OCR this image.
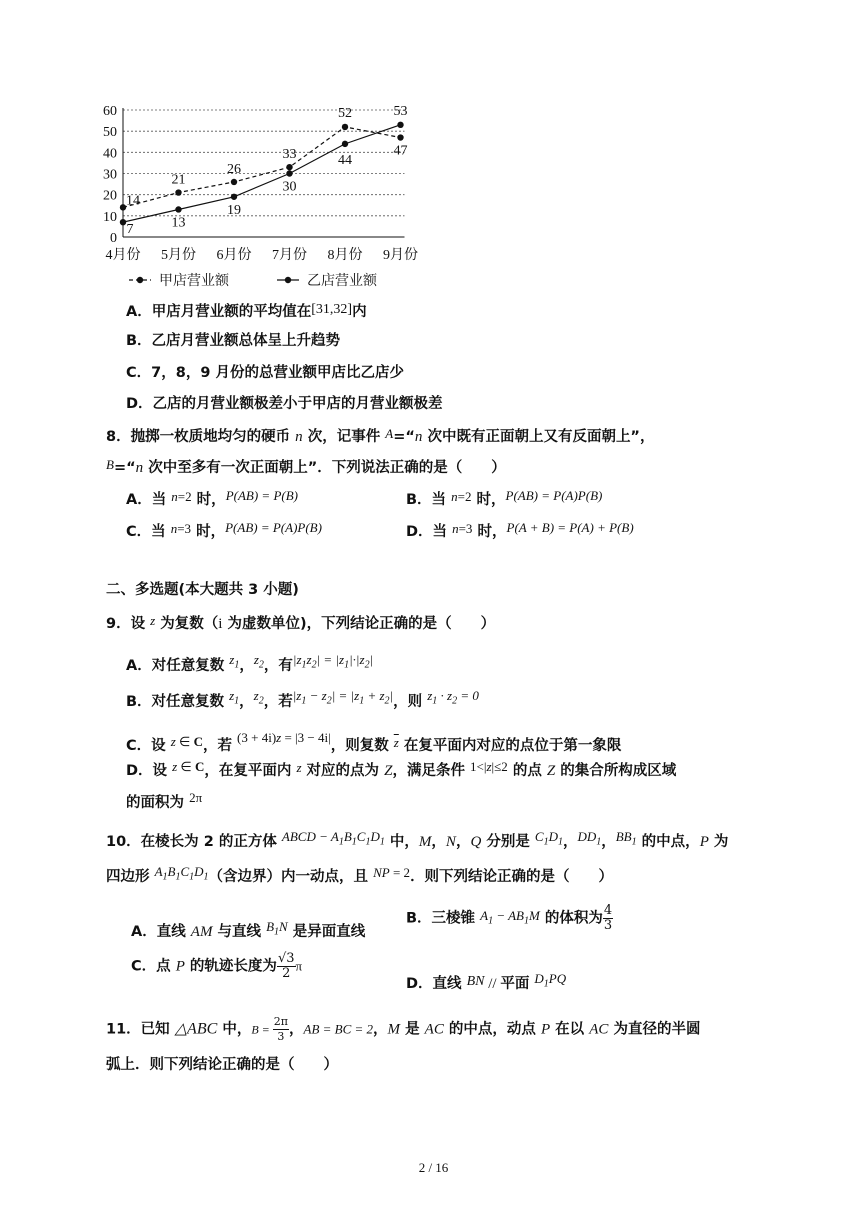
0
10
20
30
40
50
60
4月份 5月份 6月份 7月份 8月份 9月份
14
21
26
33
52
47
7	13
19
30
44
53
甲店营业额	乙店营业额
A．甲店月营业额的平均值在[31,32]内
B．乙店月营业额总体呈上升趋势
C．7，8，9 月份的总营业额甲店比乙店少
D．乙店的月营业额极差小于甲店的月营业额极差
8．抛掷一枚质地均匀的硬币 n 次，记事件 A=“n 次中既有正面朝上又有反面朝上”，
B=“n 次中至多有一次正面朝上”．下列说法正确的是（　　）
A．当 n=2 时，P(AB) = P(B)	B．当 n=2 时，P(AB) = P(A)P(B)
C．当 n=3 时，P(AB) = P(A)P(B)	D．当 n=3 时，P(A + B) = P(A) + P(B)
二、多选题(本大题共 3 小题)
9．设 z 为复数（i 为虚数单位)，下列结论正确的是（　　）
A．对任意复数 $z_1$，$z_2$，有$|z_1z_2| = |z_1|\cdot|z_2|$
B．对任意复数 $z_1$，$z_2$，若$|z_1 - z_2| = |z_1 + z_2|$，则 $z_1 \cdot z_2 = 0$
C．设 z ∈ C，若 (3 + 4i)z = |3 − 4i|，则复数 $\overline{z}$ 在复平面内对应的点位于第一象限
D．设 z ∈ C，在复平面内 z 对应的点为 Z，满足条件 1<|z|≤2 的点 Z 的集合所构成区域
的面积为 2π
10．在棱长为 2 的正方体 ABCD − $A_1B_1C_1D_1$ 中，M，N，Q 分别是 $C_1D_1$，$DD_1$，$BB_1$ 的中点，P 为
四边形 $A_1B_1C_1D_1$（含边界）内一动点，且 NP = 2．则下列结论正确的是（　　）
A．直线 AM 与直线 $B_1N$ 是异面直线
B．三棱锥 $A_1 - AB_1M$ 的体积为 $\frac{4}{3}$
C．点 P 的轨迹长度为 $\frac{√3}{2}$ π
D．直线 BN // 平面 $D_1PQ$
11．已知 △ABC 中，$B = \frac{2\pi}{3}$ ，AB = BC = 2，M 是 AC 的中点，动点 P 在以 AC 为直径的半圆
弧上．则下列结论正确的是（　　）
2 / 16
